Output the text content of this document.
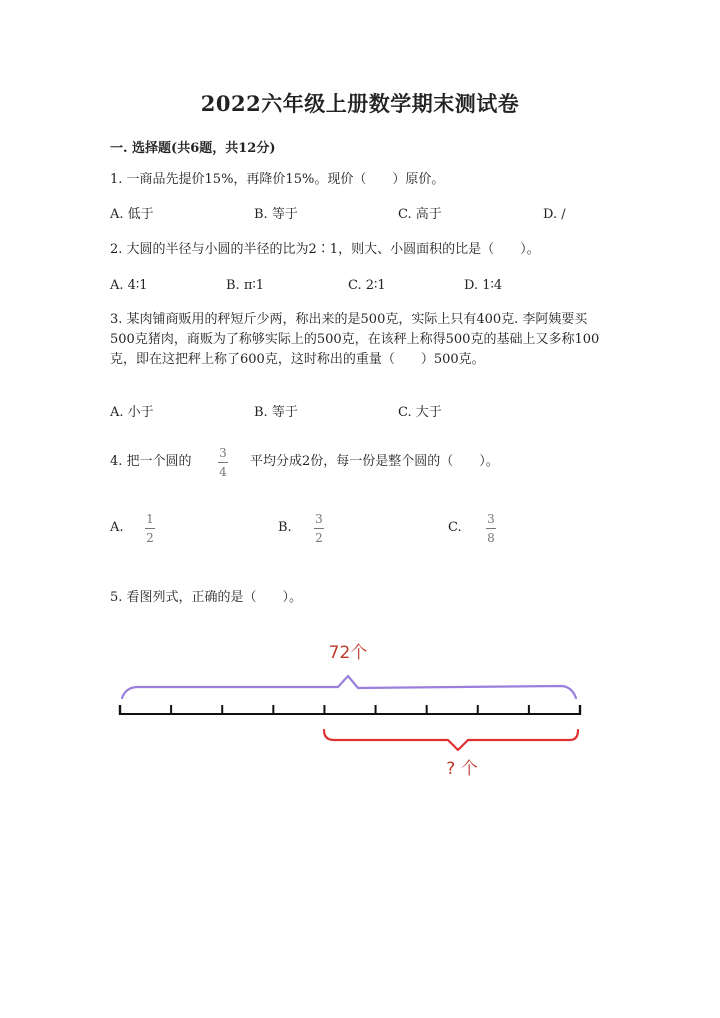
2022六年级上册数学期末测试卷
一. 选择题(共6题，共12分)
1. 一商品先提价15%，再降价15%。现价（　　）原价。
A. 低于	B. 等于	C. 高于	D. /
2. 大圆的半径与小圆的半径的比为2∶1，则大、小圆面积的比是（　　）。
A. 4∶1	B. π∶1	C. 2∶1	D. 1∶4
3. 某肉铺商贩用的秤短斤少两，称出来的是500克，实际上只有400克. 李阿姨要买500克猪肉，商贩为了称够实际上的500克，在该秤上称得500克的基础上又多称100克，即在这把秤上称了600克，这时称出的重量（　　）500克。
A. 小于	B. 等于	C. 大于
4. 把一个圆的
3
4
平均分成2份，每一份是整个圆的（　　）。
A.
1
2
B.
3
2
C.
3
8
5. 看图列式，正确的是（　　）。
72个
? 个
